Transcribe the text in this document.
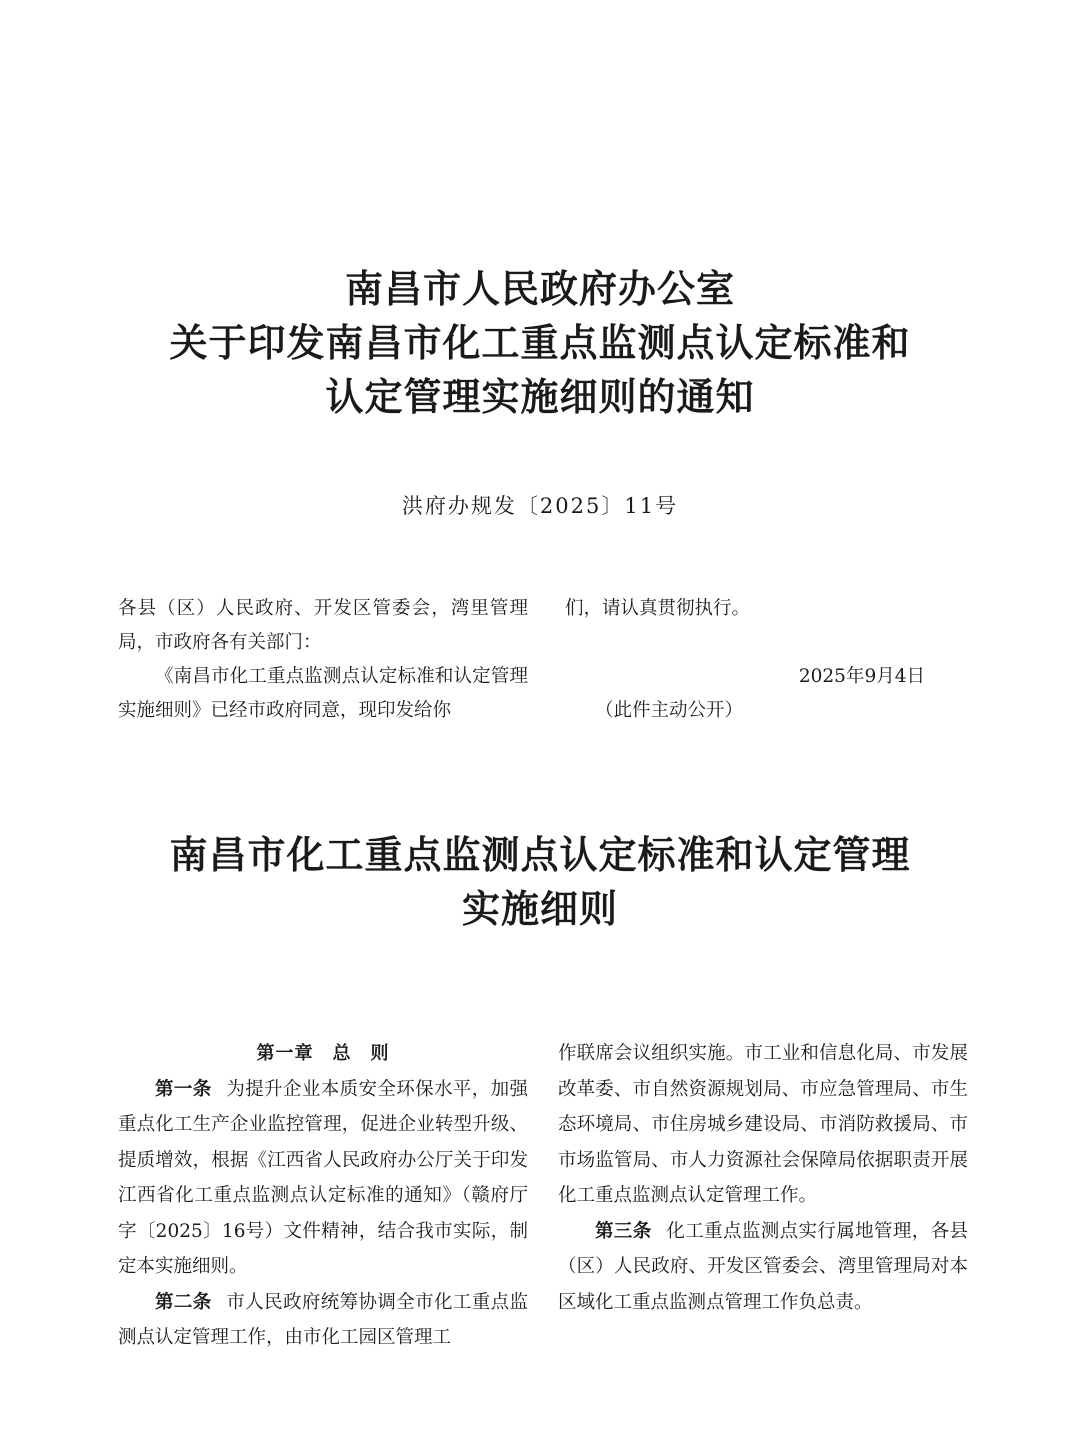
南昌市人民政府办公室
关于印发南昌市化工重点监测点认定标准和
认定管理实施细则的通知
洪府办规发〔2025〕11号

各县（区）人民政府、开发区管委会，湾里管理局，市政府各有关部门：

《南昌市化工重点监测点认定标准和认定管理实施细则》已经市政府同意，现印发给你

们，请认真贯彻执行。
2025年9月4日
（此件主动公开）
南昌市化工重点监测点认定标准和认定管理
实施细则

第一章　总　则

第一条 为提升企业本质安全环保水平，加强重点化工生产企业监控管理，促进企业转型升级、提质增效，根据《江西省人民政府办公厅关于印发江西省化工重点监测点认定标准的通知》（赣府厅字〔2025〕16号）文件精神，结合我市实际，制定本实施细则。

第二条 市人民政府统筹协调全市化工重点监测点认定管理工作，由市化工园区管理工

作联席会议组织实施。市工业和信息化局、市发展改革委、市自然资源规划局、市应急管理局、市生态环境局、市住房城乡建设局、市消防救援局、市市场监管局、市人力资源社会保障局依据职责开展化工重点监测点认定管理工作。

第三条 化工重点监测点实行属地管理，各县（区）人民政府、开发区管委会、湾里管理局对本区域化工重点监测点管理工作负总责。
